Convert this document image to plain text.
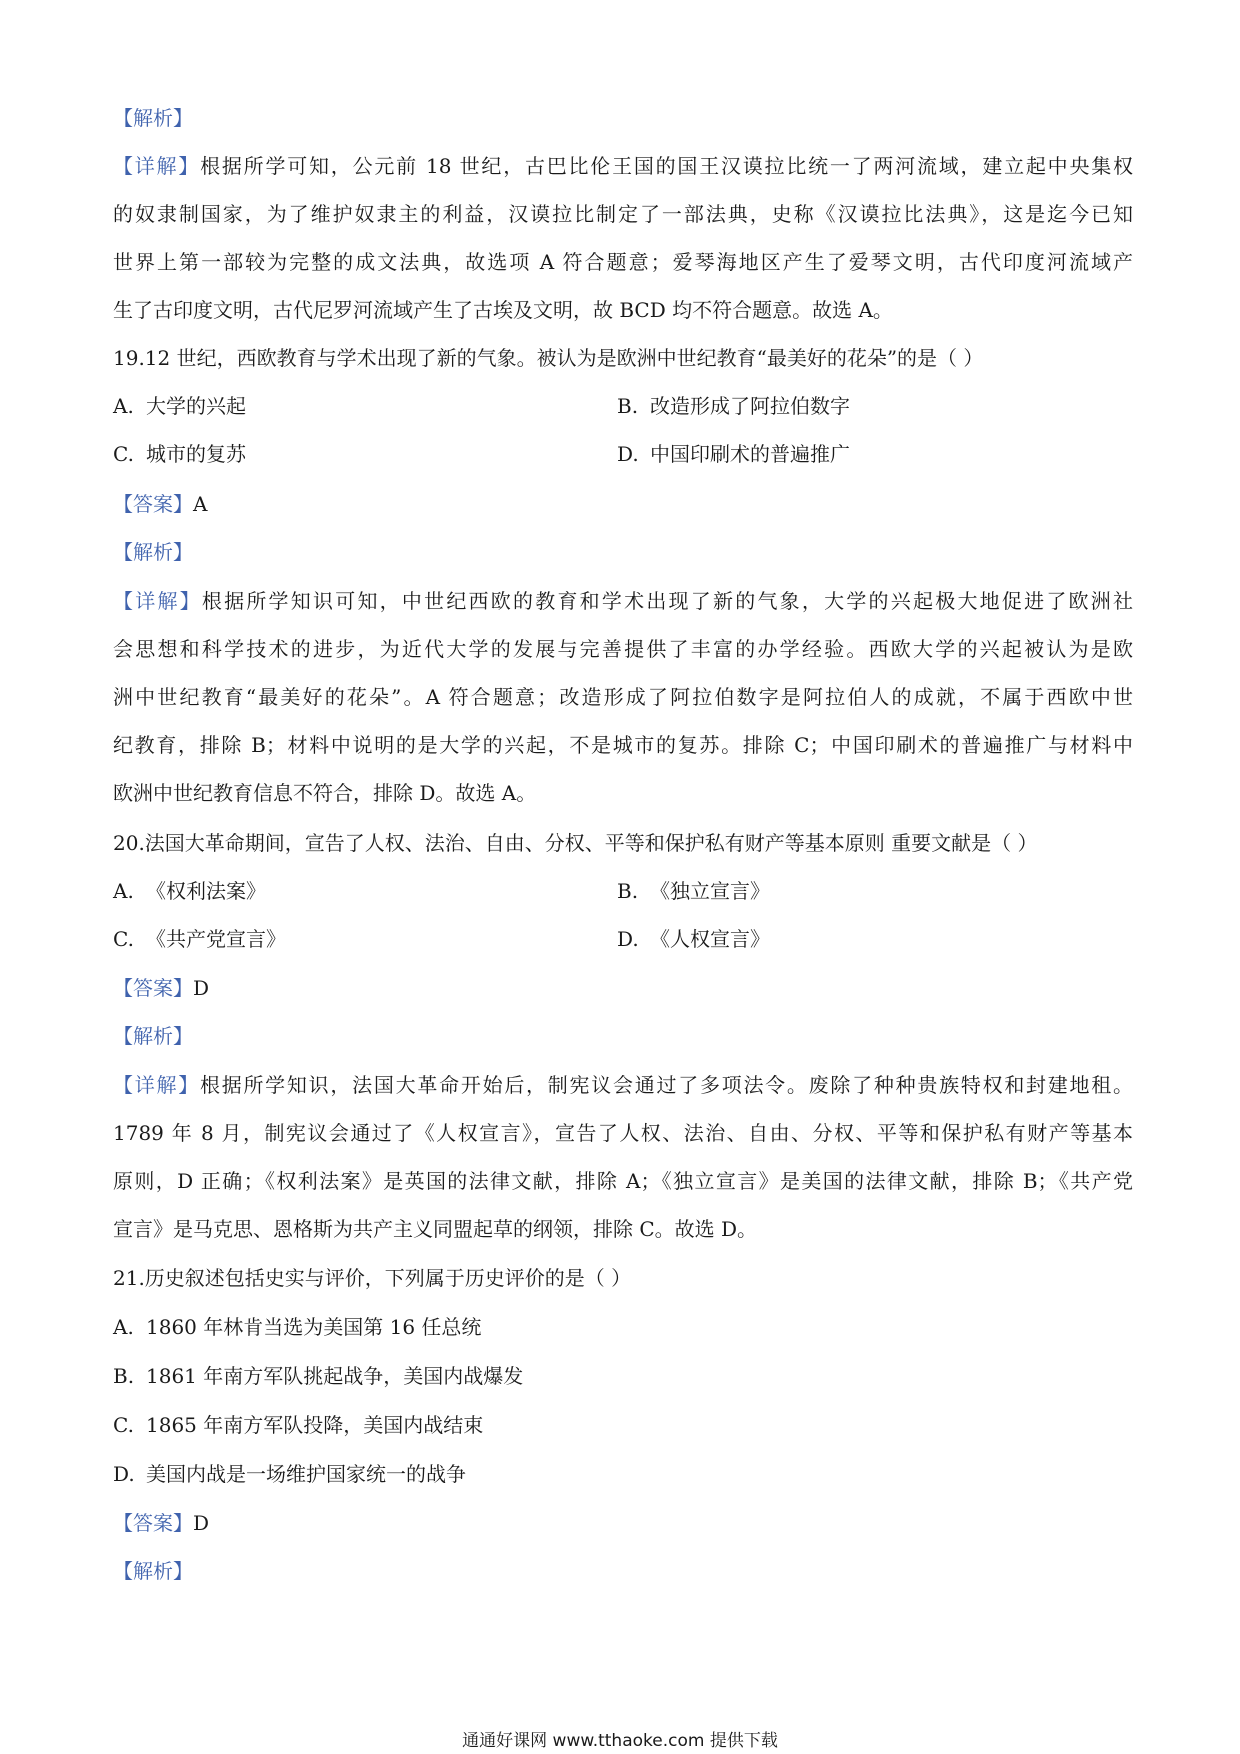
【解析】
【详解】根据所学可知，公元前 18 世纪，古巴比伦王国的国王汉谟拉比统一了两河流域，建立起中央集权
的奴隶制国家，为了维护奴隶主的利益，汉谟拉比制定了一部法典，史称《汉谟拉比法典》，这是迄今已知
世界上第一部较为完整的成文法典，故选项 A 符合题意；爱琴海地区产生了爱琴文明，古代印度河流域产
生了古印度文明，古代尼罗河流域产生了古埃及文明，故 BCD 均不符合题意。故选 A。
19.12 世纪，西欧教育与学术出现了新的气象。被认为是欧洲中世纪教育“最美好的花朵”的是（ ）
A. 大学的兴起	B. 改造形成了阿拉伯数字
C. 城市的复苏	D. 中国印刷术的普遍推广
【答案】A
【解析】
【详解】根据所学知识可知，中世纪西欧的教育和学术出现了新的气象，大学的兴起极大地促进了欧洲社
会思想和科学技术的进步，为近代大学的发展与完善提供了丰富的办学经验。西欧大学的兴起被认为是欧
洲中世纪教育“最美好的花朵”。A 符合题意；改造形成了阿拉伯数字是阿拉伯人的成就，不属于西欧中世
纪教育，排除 B；材料中说明的是大学的兴起，不是城市的复苏。排除 C；中国印刷术的普遍推广与材料中
欧洲中世纪教育信息不符合，排除 D。故选 A。
20.法国大革命期间，宣告了人权、法治、自由、分权、平等和保护私有财产等基本原则 重要文献是（ ）
A. 《权利法案》	B. 《独立宣言》
C. 《共产党宣言》	D. 《人权宣言》
【答案】D
【解析】
【详解】根据所学知识，法国大革命开始后，制宪议会通过了多项法令。废除了种种贵族特权和封建地租。
1789 年 8 月，制宪议会通过了《人权宣言》，宣告了人权、法治、自由、分权、平等和保护私有财产等基本
原则，D 正确；《权利法案》是英国的法律文献，排除 A；《独立宣言》是美国的法律文献，排除 B；《共产党
宣言》是马克思、恩格斯为共产主义同盟起草的纲领，排除 C。故选 D。
21.历史叙述包括史实与评价，下列属于历史评价的是（ ）
A. 1860 年林肯当选为美国第 16 任总统
B. 1861 年南方军队挑起战争，美国内战爆发
C. 1865 年南方军队投降，美国内战结束
D. 美国内战是一场维护国家统一的战争
【答案】D
【解析】
通通好课网 www.tthaoke.com 提供下载
